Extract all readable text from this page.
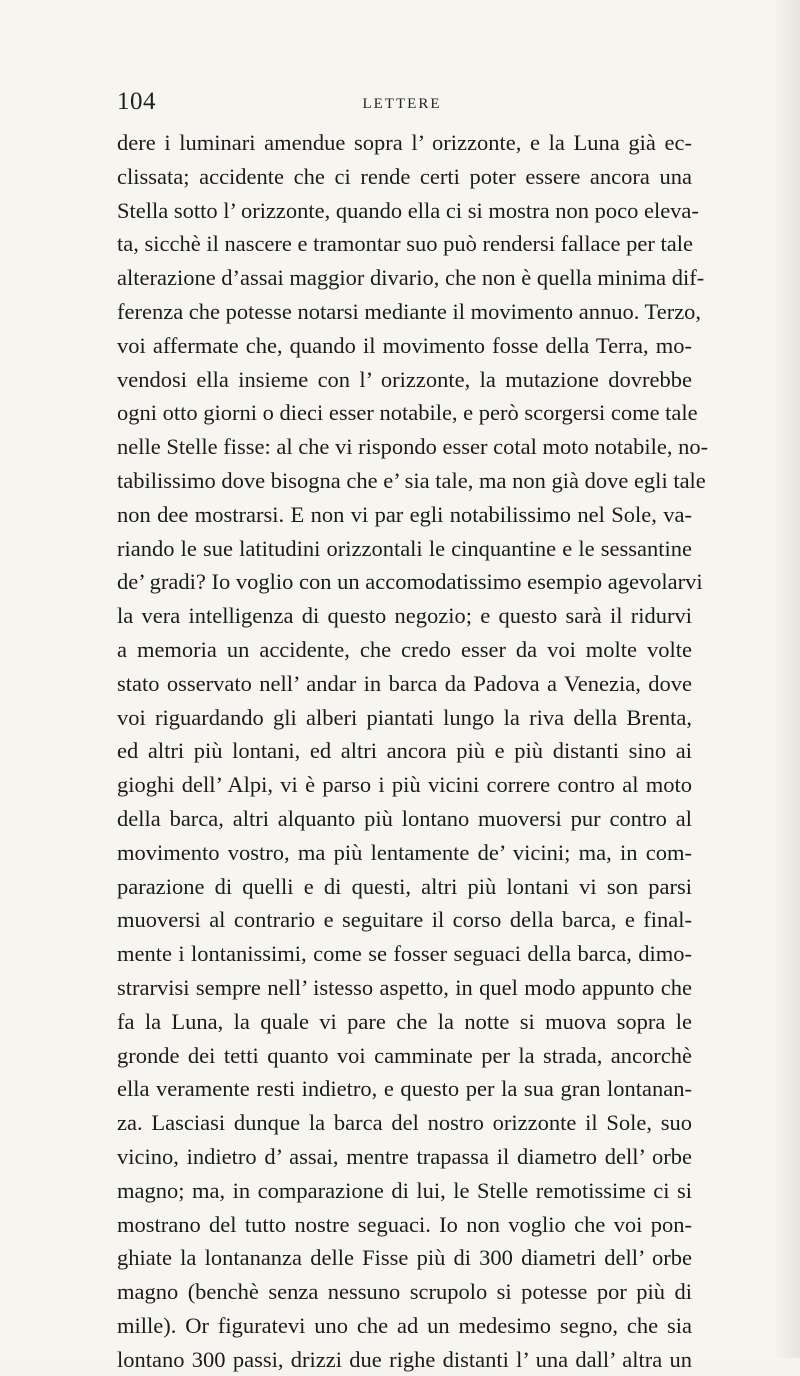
104	LETTERE
dere i luminari amendue sopra l’ orizzonte, e la Luna già ec-
clissata; accidente che ci rende certi poter essere ancora una
Stella sotto l’ orizzonte, quando ella ci si mostra non poco eleva-
ta, sicchè il nascere e tramontar suo può rendersi fallace per tale
alterazione d’assai maggior divario, che non è quella minima dif-
ferenza che potesse notarsi mediante il movimento annuo. Terzo,
voi affermate che, quando il movimento fosse della Terra, mo-
vendosi ella insieme con l’ orizzonte, la mutazione dovrebbe
ogni otto giorni o dieci esser notabile, e però scorgersi come tale
nelle Stelle fisse: al che vi rispondo esser cotal moto notabile, no-
tabilissimo dove bisogna che e’ sia tale, ma non già dove egli tale
non dee mostrarsi. E non vi par egli notabilissimo nel Sole, va-
riando le sue latitudini orizzontali le cinquantine e le sessantine
de’ gradi? Io voglio con un accomodatissimo esempio agevolarvi
la vera intelligenza di questo negozio; e questo sarà il ridurvi
a memoria un accidente, che credo esser da voi molte volte
stato osservato nell’ andar in barca da Padova a Venezia, dove
voi riguardando gli alberi piantati lungo la riva della Brenta,
ed altri più lontani, ed altri ancora più e più distanti sino ai
gioghi dell’ Alpi, vi è parso i più vicini correre contro al moto
della barca, altri alquanto più lontano muoversi pur contro al
movimento vostro, ma più lentamente de’ vicini; ma, in com-
parazione di quelli e di questi, altri più lontani vi son parsi
muoversi al contrario e seguitare il corso della barca, e final-
mente i lontanissimi, come se fosser seguaci della barca, dimo-
strarvisi sempre nell’ istesso aspetto, in quel modo appunto che
fa la Luna, la quale vi pare che la notte si muova sopra le
gronde dei tetti quanto voi camminate per la strada, ancorchè
ella veramente resti indietro, e questo per la sua gran lontanan-
za. Lasciasi dunque la barca del nostro orizzonte il Sole, suo
vicino, indietro d’ assai, mentre trapassa il diametro dell’ orbe
magno; ma, in comparazione di lui, le Stelle remotissime ci si
mostrano del tutto nostre seguaci. Io non voglio che voi pon-
ghiate la lontananza delle Fisse più di 300 diametri dell’ orbe
magno (benchè senza nessuno scrupolo si potesse por più di
mille). Or figuratevi uno che ad un medesimo segno, che sia
lontano 300 passi, drizzi due righe distanti l’ una dall’ altra un
